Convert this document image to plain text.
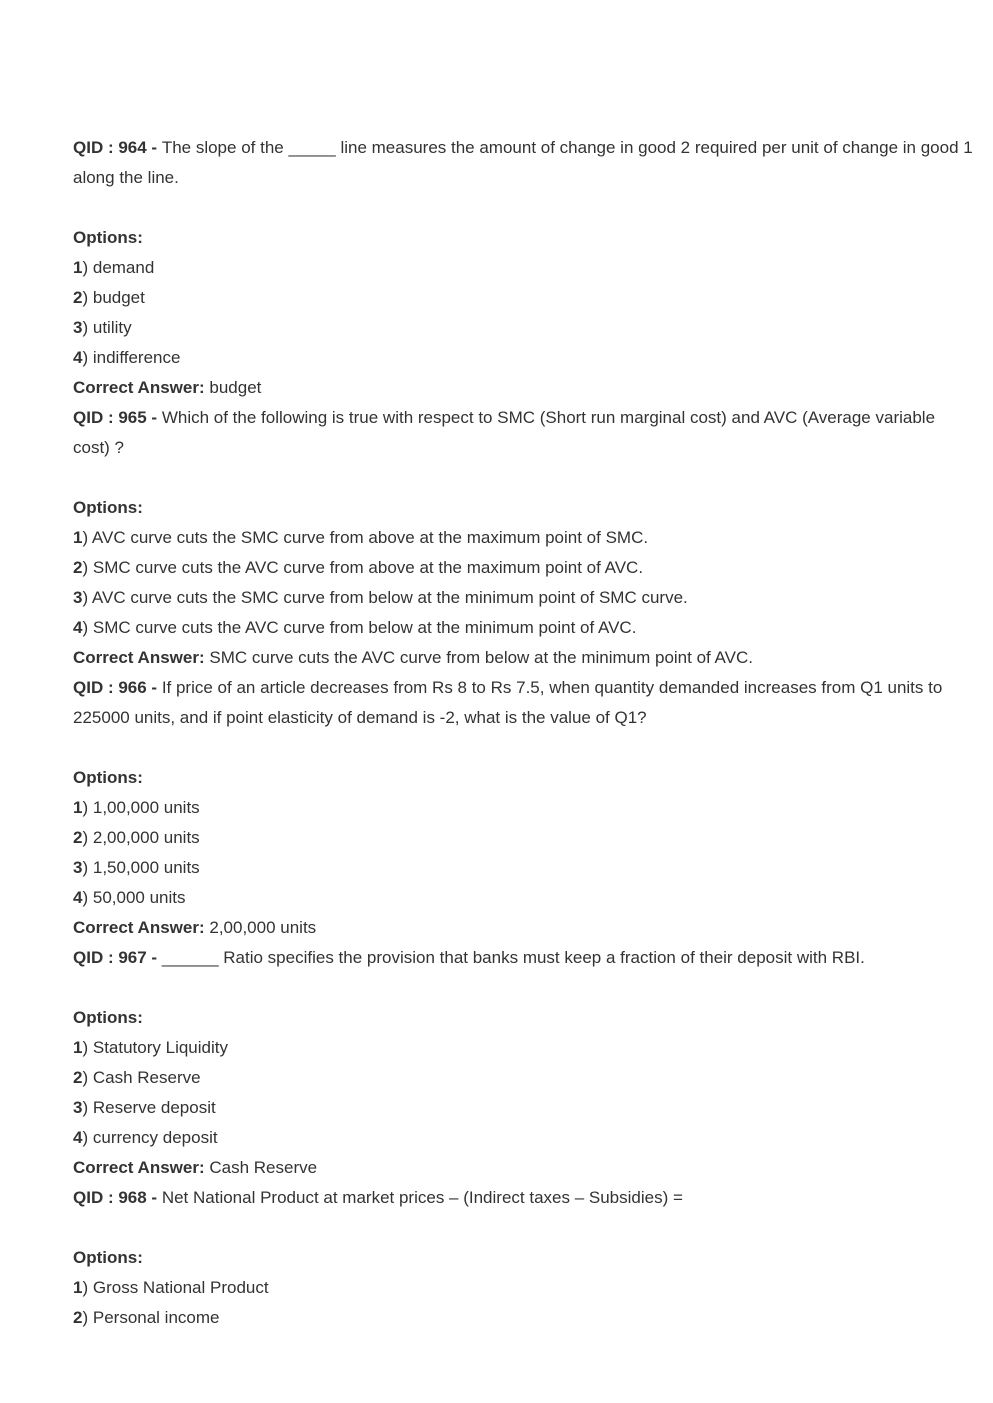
QID : 964 - The slope of the _____ line measures the amount of change in good 2 required per unit of change in good 1 along the line.

Options:
1) demand
2) budget
3) utility
4) indifference
Correct Answer: budget

QID : 965 - Which of the following is true with respect to SMC (Short run marginal cost) and AVC (Average variable cost) ?

Options:
1) AVC curve cuts the SMC curve from above at the maximum point of SMC.
2) SMC curve cuts the AVC curve from above at the maximum point of AVC.
3) AVC curve cuts the SMC curve from below at the minimum point of SMC curve.
4) SMC curve cuts the AVC curve from below at the minimum point of AVC.
Correct Answer: SMC curve cuts the AVC curve from below at the minimum point of AVC.

QID : 966 - If price of an article decreases from Rs 8 to Rs 7.5, when quantity demanded increases from Q1 units to 225000 units, and if point elasticity of demand is -2, what is the value of Q1?

Options:
1) 1,00,000 units
2) 2,00,000 units
3) 1,50,000 units
4) 50,000 units
Correct Answer: 2,00,000 units

QID : 967 - ______ Ratio specifies the provision that banks must keep a fraction of their deposit with RBI.

Options:
1) Statutory Liquidity
2) Cash Reserve
3) Reserve deposit
4) currency deposit
Correct Answer: Cash Reserve

QID : 968 - Net National Product at market prices – (Indirect taxes – Subsidies) =

Options:
1) Gross National Product
2) Personal income
